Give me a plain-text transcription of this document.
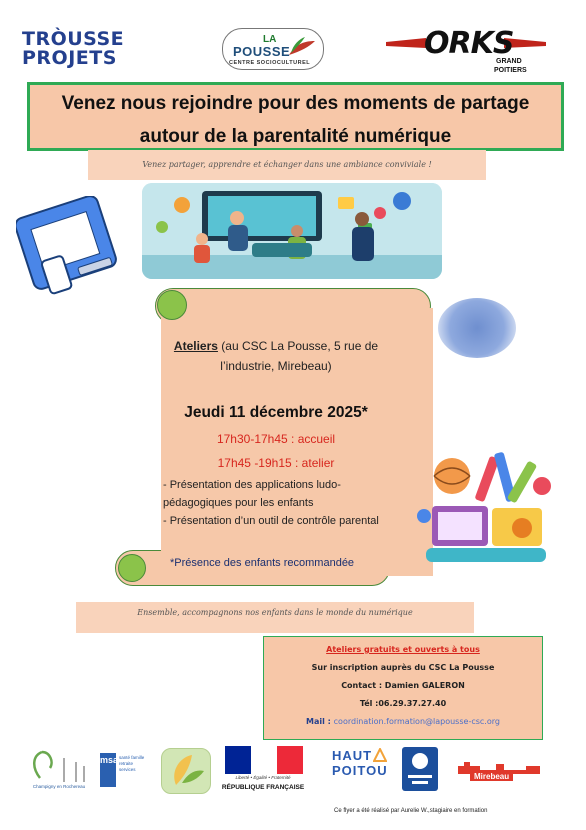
TRÒUSSE
PROJETS
LA
POUSSE
CENTRE SOCIOCULTUREL
ORKS
GRAND
POITIERS
Venez nous rejoindre pour des moments de partage
autour de la parentalité numérique
Venez partager, apprendre et échanger dans une ambiance conviviale !
Ateliers (au CSC La Pousse, 5 rue de l’industrie, Mirebeau)
Jeudi 11 décembre 2025*
17h30-17h45 : accueil
17h45 -19h15 : atelier
- Présentation des applications ludo-pédagogiques pour les enfants
- Présentation d’un outil de contrôle parental
*Présence des enfants recommandée
Ensemble, accompagnons nos enfants dans le monde du numérique
Ateliers gratuits et ouverts à tous
Sur inscription auprès du CSC La Pousse
Contact : Damien GALERON
Tél :06.29.37.27.40
Mail : coordination.formation@lapousse-csc.org
Champigny en Rochereau
msa santé famille retraite services
Liberté • Égalité • Fraternité
RÉPUBLIQUE FRANÇAISE
HAUT
POITOU	Mirebeau
Ce flyer a été réalisé par Aurelie W.,stagiaire en formation
